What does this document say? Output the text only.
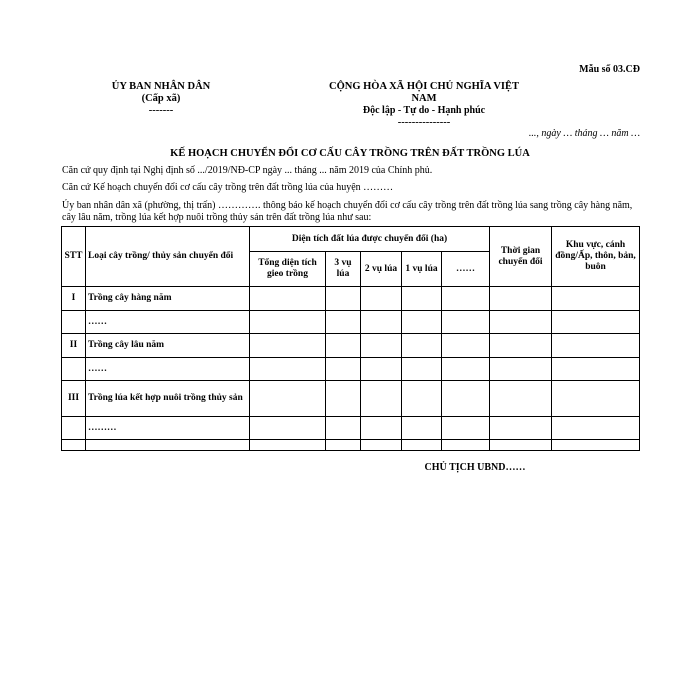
Mẫu số 03.CĐ
ỦY BAN NHÂN DÂN
(Cấp xã)
-------
CỘNG HÒA XÃ HỘI CHỦ NGHĨA VIỆT NAM
Độc lập - Tự do - Hạnh phúc
---------------
..., ngày … tháng … năm …
KẾ HOẠCH CHUYỂN ĐỔI CƠ CẤU CÂY TRỒNG TRÊN ĐẤT TRỒNG LÚA
Căn cứ quy định tại Nghị định số .../2019/NĐ-CP ngày ... tháng ... năm 2019 của Chính phủ.
Căn cứ Kế hoạch chuyển đổi cơ cấu cây trồng trên đất trồng lúa của huyện ………
Ủy ban nhân dân xã (phường, thị trấn) …………. thông báo kế hoạch chuyển đổi cơ cấu cây trồng trên đất trồng lúa sang trồng cây hàng năm, cây lâu năm, trồng lúa kết hợp nuôi trồng thủy sản trên đất trồng lúa như sau:
STT	Loại cây trồng/ thủy sản chuyển đổi	Diện tích đất lúa được chuyển đổi (ha)					Thời gian chuyển đổi	Khu vực, cánh đồng/Ấp, thôn, bản, buôn
		Tổng diện tích gieo trồng	3 vụ lúa	2 vụ lúa	1 vụ lúa	……		
I	Trồng cây hàng năm							
	……							
II	Trồng cây lâu năm							
	……							
III	Trồng lúa kết hợp nuôi trồng thủy sản							
	………							

CHỦ TỊCH UBND……
